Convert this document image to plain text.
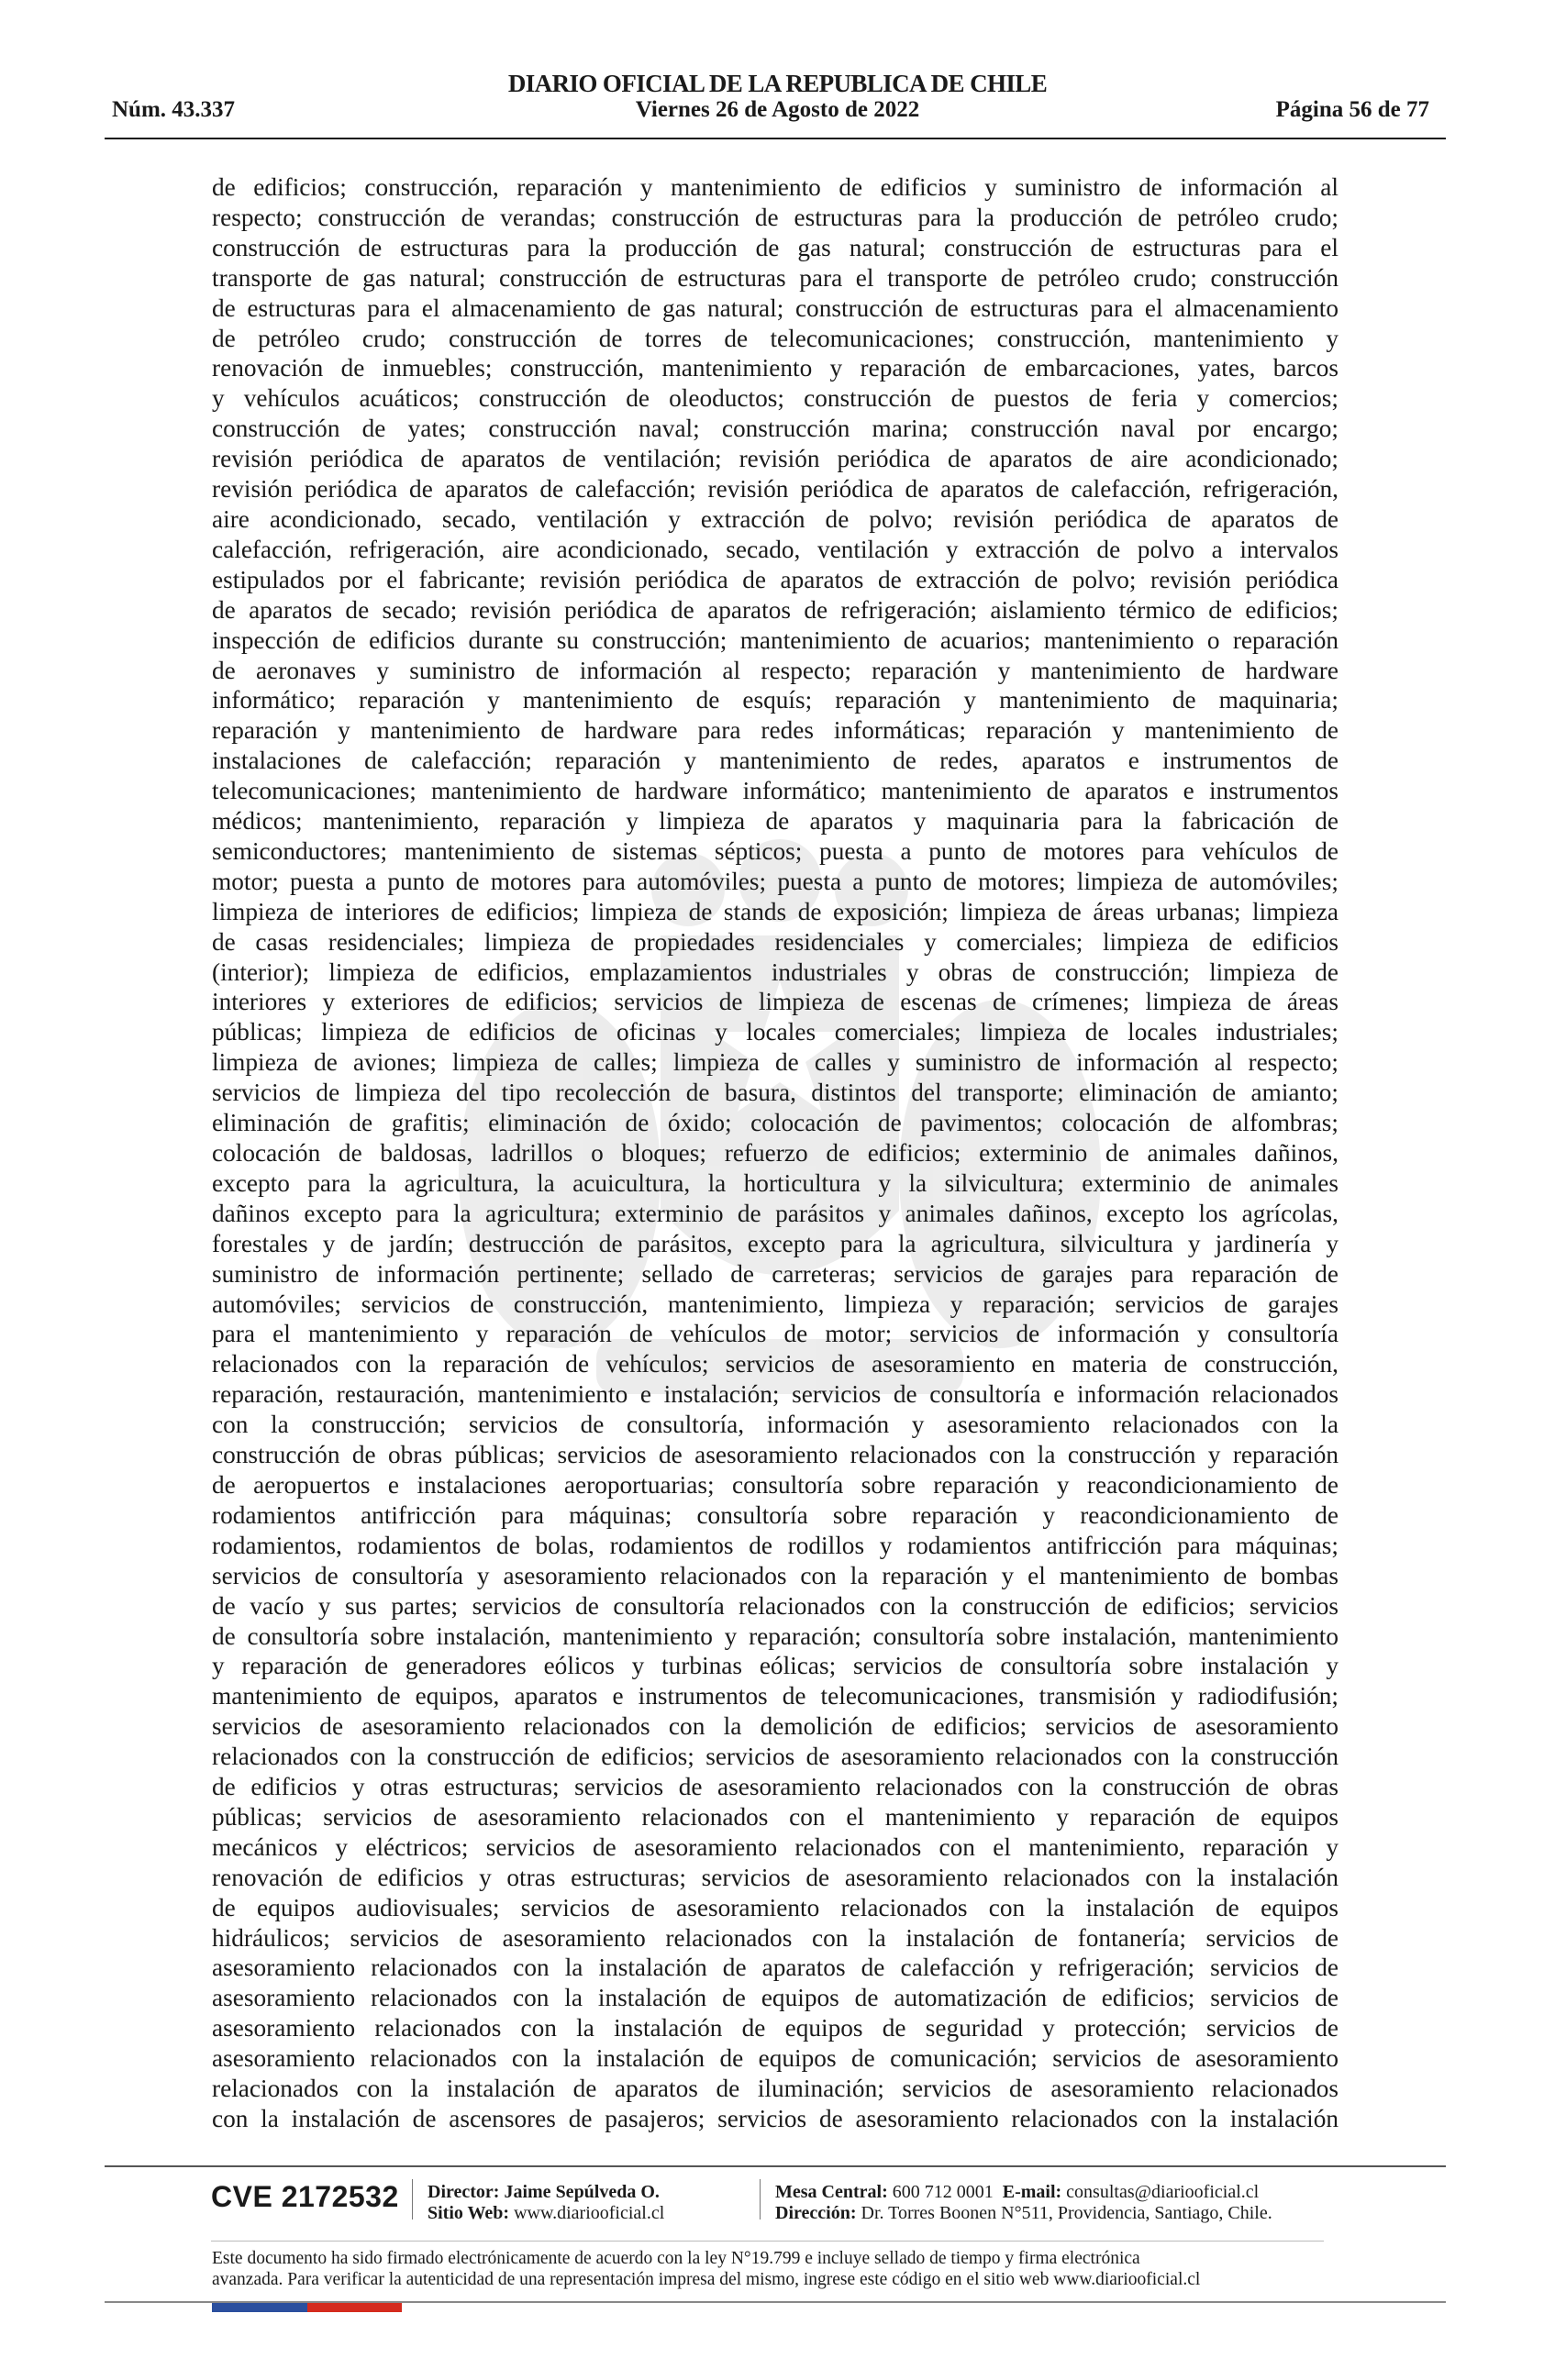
DIARIO OFICIAL DE LA REPUBLICA DE CHILE
Núm. 43.337	Viernes 26 de Agosto de 2022	Página 56 de 77
de edificios; construcción, reparación y mantenimiento de edificios y suministro de información al
respecto; construcción de verandas; construcción de estructuras para la producción de petróleo crudo;
construcción de estructuras para la producción de gas natural; construcción de estructuras para el
transporte de gas natural; construcción de estructuras para el transporte de petróleo crudo; construcción
de estructuras para el almacenamiento de gas natural; construcción de estructuras para el almacenamiento
de petróleo crudo; construcción de torres de telecomunicaciones; construcción, mantenimiento y
renovación de inmuebles; construcción, mantenimiento y reparación de embarcaciones, yates, barcos
y vehículos acuáticos; construcción de oleoductos; construcción de puestos de feria y comercios;
construcción de yates; construcción naval; construcción marina; construcción naval por encargo;
revisión periódica de aparatos de ventilación; revisión periódica de aparatos de aire acondicionado;
revisión periódica de aparatos de calefacción; revisión periódica de aparatos de calefacción, refrigeración,
aire acondicionado, secado, ventilación y extracción de polvo; revisión periódica de aparatos de
calefacción, refrigeración, aire acondicionado, secado, ventilación y extracción de polvo a intervalos
estipulados por el fabricante; revisión periódica de aparatos de extracción de polvo; revisión periódica
de aparatos de secado; revisión periódica de aparatos de refrigeración; aislamiento térmico de edificios;
inspección de edificios durante su construcción; mantenimiento de acuarios; mantenimiento o reparación
de aeronaves y suministro de información al respecto; reparación y mantenimiento de hardware
informático; reparación y mantenimiento de esquís; reparación y mantenimiento de maquinaria;
reparación y mantenimiento de hardware para redes informáticas; reparación y mantenimiento de
instalaciones de calefacción; reparación y mantenimiento de redes, aparatos e instrumentos de
telecomunicaciones; mantenimiento de hardware informático; mantenimiento de aparatos e instrumentos
médicos; mantenimiento, reparación y limpieza de aparatos y maquinaria para la fabricación de
semiconductores; mantenimiento de sistemas sépticos; puesta a punto de motores para vehículos de
motor; puesta a punto de motores para automóviles; puesta a punto de motores; limpieza de automóviles;
limpieza de interiores de edificios; limpieza de stands de exposición; limpieza de áreas urbanas; limpieza
de casas residenciales; limpieza de propiedades residenciales y comerciales; limpieza de edificios
(interior); limpieza de edificios, emplazamientos industriales y obras de construcción; limpieza de
interiores y exteriores de edificios; servicios de limpieza de escenas de crímenes; limpieza de áreas
públicas; limpieza de edificios de oficinas y locales comerciales; limpieza de locales industriales;
limpieza de aviones; limpieza de calles; limpieza de calles y suministro de información al respecto;
servicios de limpieza del tipo recolección de basura, distintos del transporte; eliminación de amianto;
eliminación de grafitis; eliminación de óxido; colocación de pavimentos; colocación de alfombras;
colocación de baldosas, ladrillos o bloques; refuerzo de edificios; exterminio de animales dañinos,
excepto para la agricultura, la acuicultura, la horticultura y la silvicultura; exterminio de animales
dañinos excepto para la agricultura; exterminio de parásitos y animales dañinos, excepto los agrícolas,
forestales y de jardín; destrucción de parásitos, excepto para la agricultura, silvicultura y jardinería y
suministro de información pertinente; sellado de carreteras; servicios de garajes para reparación de
automóviles; servicios de construcción, mantenimiento, limpieza y reparación; servicios de garajes
para el mantenimiento y reparación de vehículos de motor; servicios de información y consultoría
relacionados con la reparación de vehículos; servicios de asesoramiento en materia de construcción,
reparación, restauración, mantenimiento e instalación; servicios de consultoría e información relacionados
con la construcción; servicios de consultoría, información y asesoramiento relacionados con la
construcción de obras públicas; servicios de asesoramiento relacionados con la construcción y reparación
de aeropuertos e instalaciones aeroportuarias; consultoría sobre reparación y reacondicionamiento de
rodamientos antifricción para máquinas; consultoría sobre reparación y reacondicionamiento de
rodamientos, rodamientos de bolas, rodamientos de rodillos y rodamientos antifricción para máquinas;
servicios de consultoría y asesoramiento relacionados con la reparación y el mantenimiento de bombas
de vacío y sus partes; servicios de consultoría relacionados con la construcción de edificios; servicios
de consultoría sobre instalación, mantenimiento y reparación; consultoría sobre instalación, mantenimiento
y reparación de generadores eólicos y turbinas eólicas; servicios de consultoría sobre instalación y
mantenimiento de equipos, aparatos e instrumentos de telecomunicaciones, transmisión y radiodifusión;
servicios de asesoramiento relacionados con la demolición de edificios; servicios de asesoramiento
relacionados con la construcción de edificios; servicios de asesoramiento relacionados con la construcción
de edificios y otras estructuras; servicios de asesoramiento relacionados con la construcción de obras
públicas; servicios de asesoramiento relacionados con el mantenimiento y reparación de equipos
mecánicos y eléctricos; servicios de asesoramiento relacionados con el mantenimiento, reparación y
renovación de edificios y otras estructuras; servicios de asesoramiento relacionados con la instalación
de equipos audiovisuales; servicios de asesoramiento relacionados con la instalación de equipos
hidráulicos; servicios de asesoramiento relacionados con la instalación de fontanería; servicios de
asesoramiento relacionados con la instalación de aparatos de calefacción y refrigeración; servicios de
asesoramiento relacionados con la instalación de equipos de automatización de edificios; servicios de
asesoramiento relacionados con la instalación de equipos de seguridad y protección; servicios de
asesoramiento relacionados con la instalación de equipos de comunicación; servicios de asesoramiento
relacionados con la instalación de aparatos de iluminación; servicios de asesoramiento relacionados
con la instalación de ascensores de pasajeros; servicios de asesoramiento relacionados con la instalación
CVE 2172532 Director: Jaime Sepúlveda O.
Sitio Web: www.diariooficial.cl
Mesa Central: 600 712 0001 E-mail: consultas@diariooficial.cl
Dirección: Dr. Torres Boonen N°511, Providencia, Santiago, Chile.
Este documento ha sido firmado electrónicamente de acuerdo con la ley N°19.799 e incluye sellado de tiempo y firma electrónica
avanzada. Para verificar la autenticidad de una representación impresa del mismo, ingrese este código en el sitio web www.diariooficial.cl
